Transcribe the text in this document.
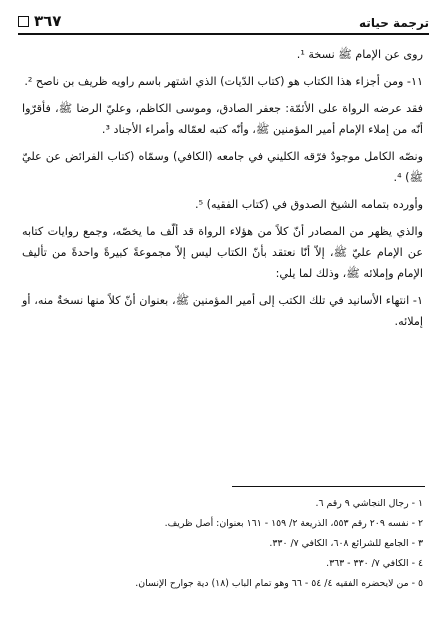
ترجمة حياته
٣٦٧

روى عن الإمام ﷺ نسخة ¹.

١١- ومن أجزاء هذا الكتاب هو (كتاب الدّيات) الذي اشتهر باسم راويه ظريف بن ناصح ².

فقد عرضه الرواة على الأئمّة: جعفر الصادق، وموسى الكاظم، وعليّ الرضا ﷺ، فأقرّوا أنّه من إملاء الإمام أمير المؤمنين ﷺ، وأنّه كتبه لعمّاله وأمراء الأجناد ³.

ونصّه الكامل موجودٌ فرّقه الكليني في جامعه (الكافي) وسمّاه (كتاب الفرائض عن عليّ ﷺ) ⁴.

وأورده بتمامه الشيخ الصدوق في (كتاب الفقيه) ⁵.

والذي يظهر من المصادر أنّ كلاً من هؤلاء الرواة قد ألّف ما يخصّه، وجمع روايات كتابه عن الإمام عليّ ﷺ، إلاّ أنّا نعتقد بأنّ الكتاب ليس إلاّ مجموعةً كبيرةً واحدةً من تأليف الإمام وإملائه ﷺ، وذلك لما يلي:

١- انتهاء الأسانيد في تلك الكتب إلى أمير المؤمنين ﷺ، بعنوان أنّ كلاً منها نسخةٌ منه، أو إملائه.

١ - رجال النجاشي ٩ رقم ٦.
٢ - نفسه ٢٠٩ رقم ٥٥٣، الذريعة ٢/ ١٥٩ - ١٦١ بعنوان: أصل ظريف.
٣ - الجامع للشرائع ٦٠٨، الكافي ٧/ ٣٣٠.
٤ - الكافي ٧/ ٣٣٠ - ٣٦٣.
٥ - من لايحضره الفقيه ٤/ ٥٤ - ٦٦ وهو تمام الباب (١٨) دية جوارح الإنسان.
